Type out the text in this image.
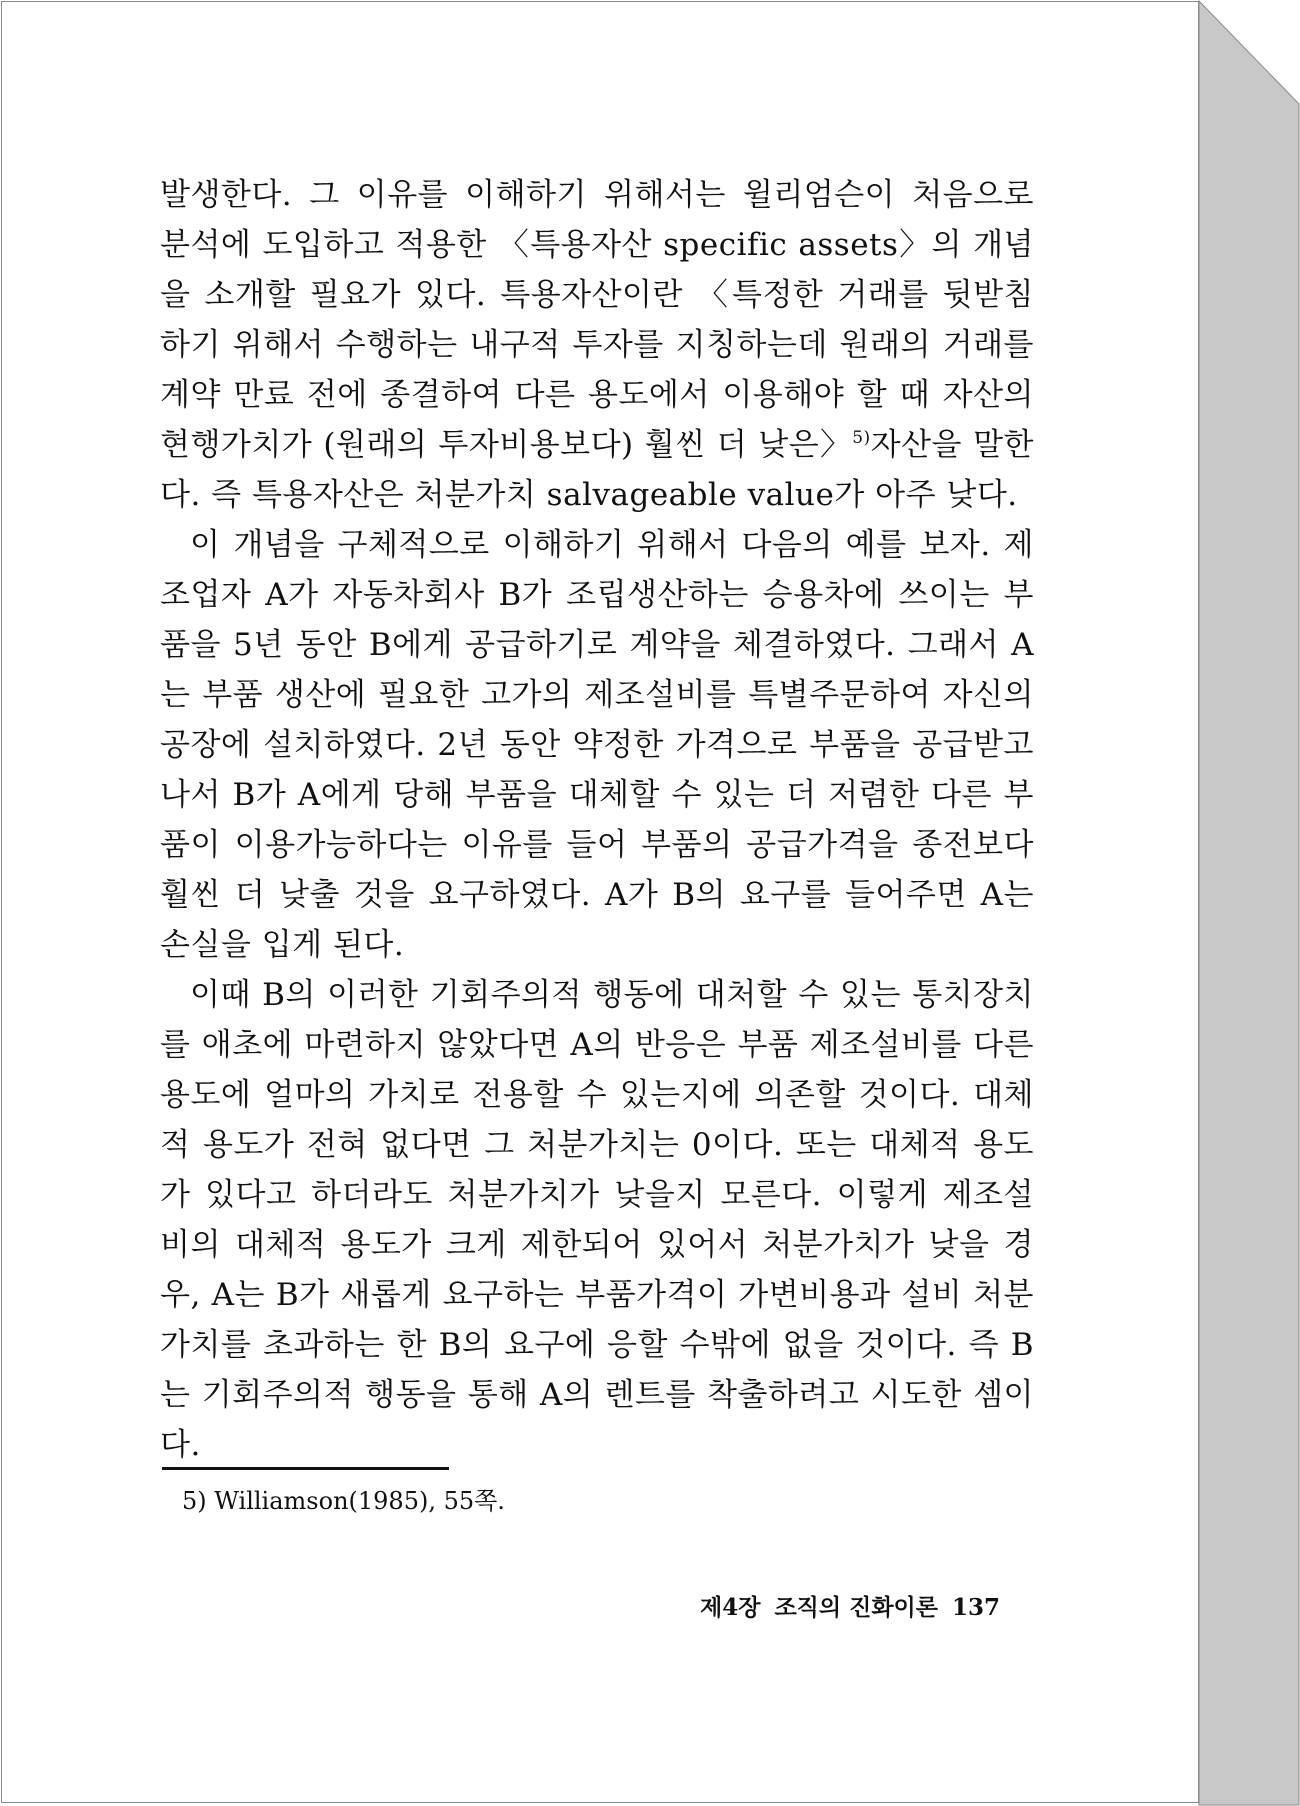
발생한다. 그 이유를 이해하기 위해서는 윌리엄슨이 처음으로 분석에 도입하고 적용한 〈특용자산 specific assets〉의 개념을 소개할 필요가 있다. 특용자산이란 〈특정한 거래를 뒷받침하기 위해서 수행하는 내구적 투자를 지칭하는데 원래의 거래를 계약 만료 전에 종결하여 다른 용도에서 이용해야 할 때 자산의 현행가치가 (원래의 투자비용보다) 훨씬 더 낮은〉$^{5)}$자산을 말한다. 즉 특용자산은 처분가치 salvageable value가 아주 낮다.

이 개념을 구체적으로 이해하기 위해서 다음의 예를 보자. 제조업자 A가 자동차회사 B가 조립생산하는 승용차에 쓰이는 부품을 5년 동안 B에게 공급하기로 계약을 체결하였다. 그래서 A는 부품 생산에 필요한 고가의 제조설비를 특별주문하여 자신의 공장에 설치하였다. 2년 동안 약정한 가격으로 부품을 공급받고 나서 B가 A에게 당해 부품을 대체할 수 있는 더 저렴한 다른 부품이 이용가능하다는 이유를 들어 부품의 공급가격을 종전보다 훨씬 더 낮출 것을 요구하였다. A가 B의 요구를 들어주면 A는 손실을 입게 된다.

이때 B의 이러한 기회주의적 행동에 대처할 수 있는 통치장치를 애초에 마련하지 않았다면 A의 반응은 부품 제조설비를 다른 용도에 얼마의 가치로 전용할 수 있는지에 의존할 것이다. 대체적 용도가 전혀 없다면 그 처분가치는 0이다. 또는 대체적 용도가 있다고 하더라도 처분가치가 낮을지 모른다. 이렇게 제조설비의 대체적 용도가 크게 제한되어 있어서 처분가치가 낮을 경우, A는 B가 새롭게 요구하는 부품가격이 가변비용과 설비 처분가치를 초과하는 한 B의 요구에 응할 수밖에 없을 것이다. 즉 B는 기회주의적 행동을 통해 A의 렌트를 착출하려고 시도한 셈이다.

5) Williamson(1985), 55쪽.
제4장 조직의 진화이론 137
